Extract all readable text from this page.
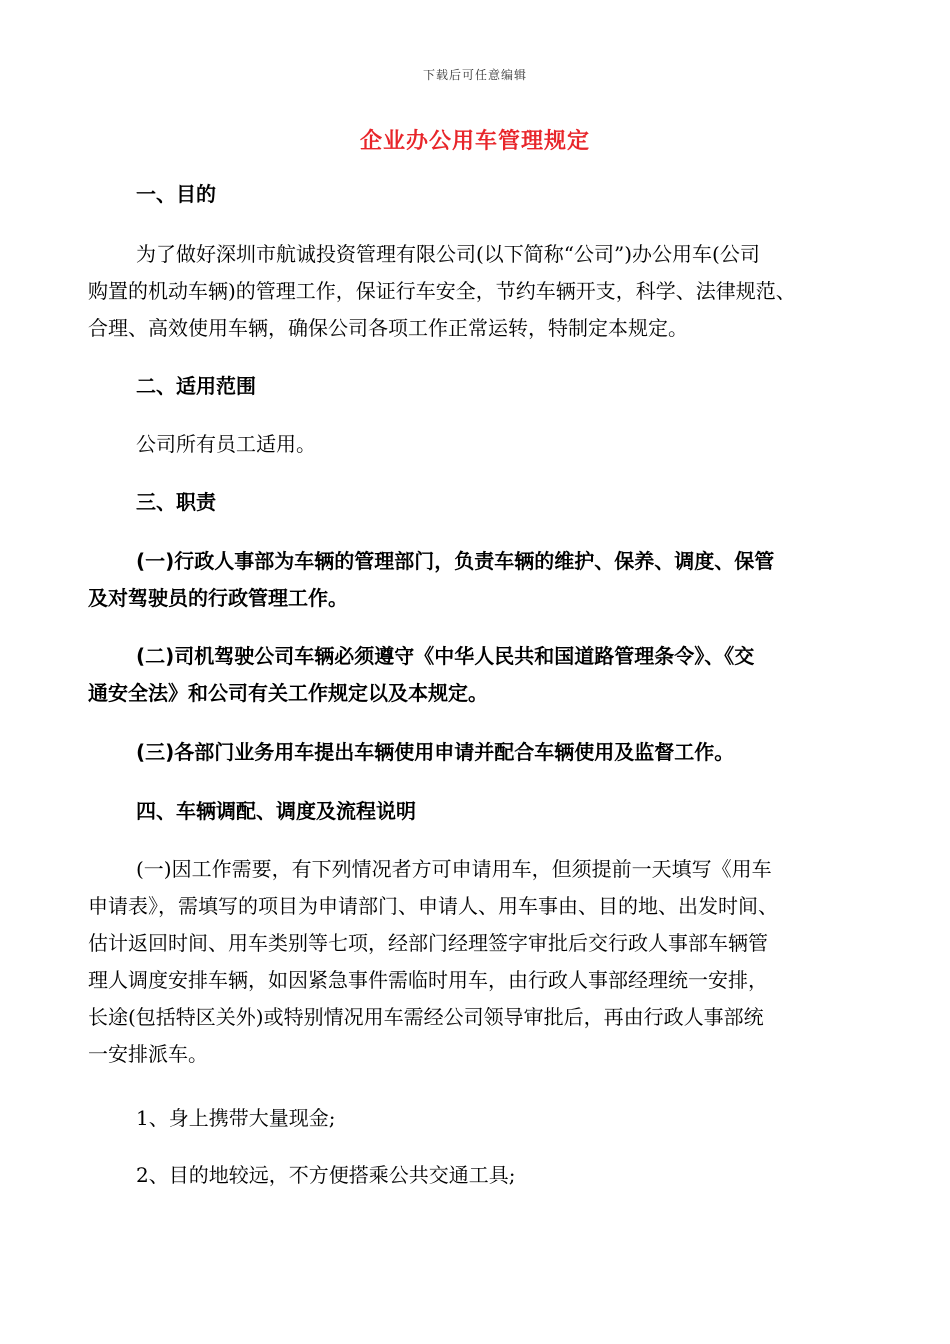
下载后可任意编辑
企业办公用车管理规定

一、目的

为了做好深圳市航诚投资管理有限公司(以下简称“公司”)办公用车(公司
购置的机动车辆)的管理工作，保证行车安全，节约车辆开支，科学、法律规范、
合理、高效使用车辆，确保公司各项工作正常运转，特制定本规定。

二、适用范围

公司所有员工适用。

三、职责

(一)行政人事部为车辆的管理部门，负责车辆的维护、保养、调度、保管
及对驾驶员的行政管理工作。

(二)司机驾驶公司车辆必须遵守《中华人民共和国道路管理条令》、《交
通安全法》和公司有关工作规定以及本规定。

(三)各部门业务用车提出车辆使用申请并配合车辆使用及监督工作。

四、车辆调配、调度及流程说明

(一)因工作需要，有下列情况者方可申请用车，但须提前一天填写《用车
申请表》，需填写的项目为申请部门、申请人、用车事由、目的地、出发时间、
估计返回时间、用车类别等七项，经部门经理签字审批后交行政人事部车辆管
理人调度安排车辆，如因紧急事件需临时用车，由行政人事部经理统一安排，
长途(包括特区关外)或特别情况用车需经公司领导审批后，再由行政人事部统
一安排派车。

1、身上携带大量现金;

2、目的地较远，不方便搭乘公共交通工具;
